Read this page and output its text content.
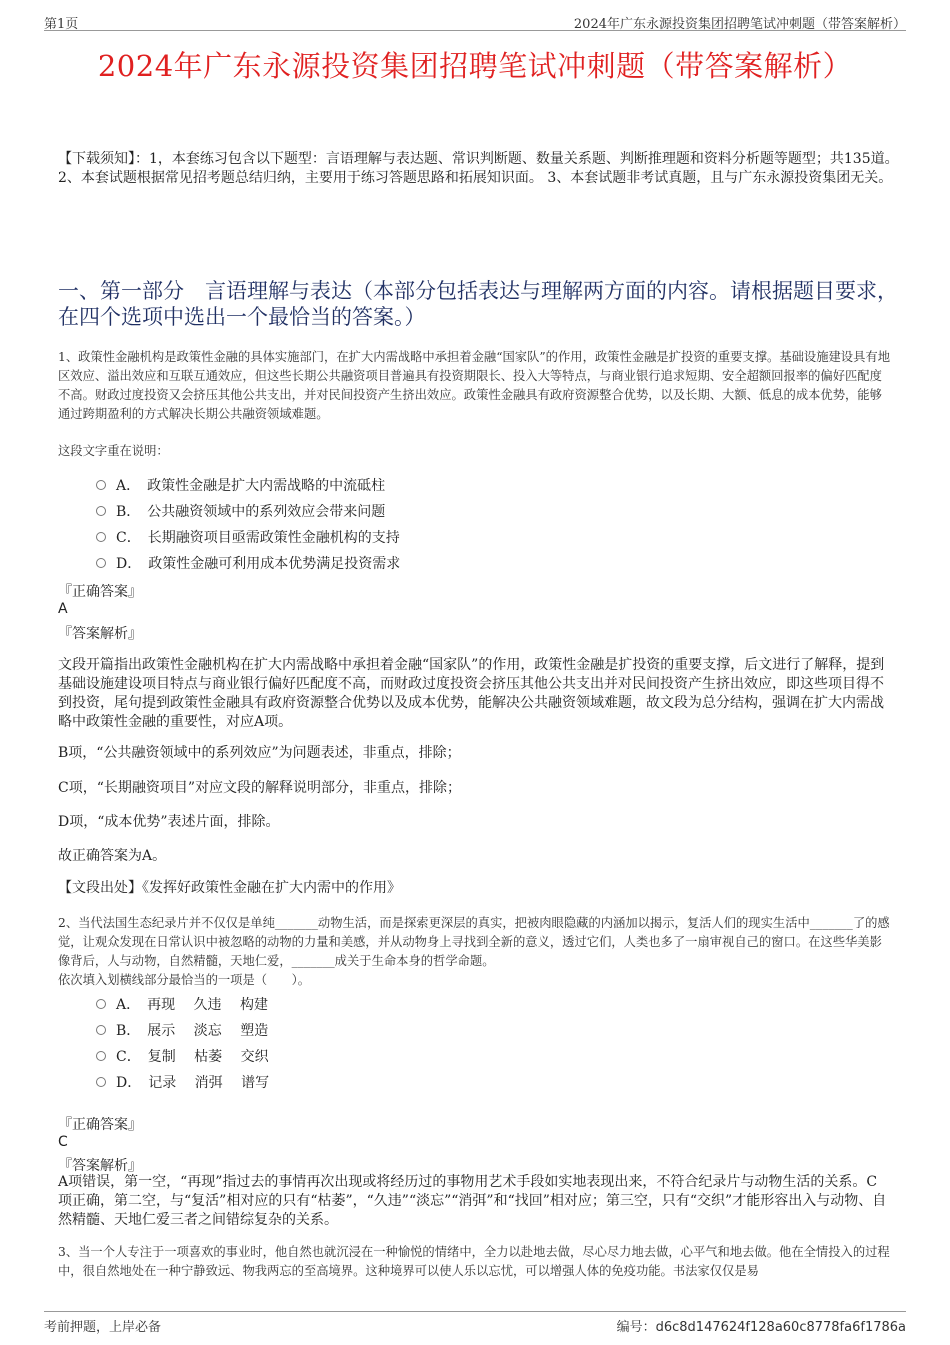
第1页	2024年广东永源投资集团招聘笔试冲刺题（带答案解析）
2024年广东永源投资集团招聘笔试冲刺题（带答案解析）
【下载须知】：1，本套练习包含以下题型：言语理解与表达题、常识判断题、数量关系题、判断推理题和资料分析题等题型；共135道。 2、本套试题根据常见招考题总结归纳，主要用于练习答题思路和拓展知识面。 3、本套试题非考试真题，且与广东永源投资集团无关。
一、第一部分　言语理解与表达（本部分包括表达与理解两方面的内容。请根据题目要求，在四个选项中选出一个最恰当的答案。）
1、政策性金融机构是政策性金融的具体实施部门，在扩大内需战略中承担着金融“国家队”的作用，政策性金融是扩投资的重要支撑。基础设施建设具有地区效应、溢出效应和互联互通效应，但这些长期公共融资项目普遍具有投资期限长、投入大等特点，与商业银行追求短期、安全超额回报率的偏好匹配度不高。财政过度投资又会挤压其他公共支出，并对民间投资产生挤出效应。政策性金融具有政府资源整合优势，以及长期、大额、低息的成本优势，能够通过跨期盈利的方式解决长期公共融资领域难题。
这段文字重在说明：
A．　政策性金融是扩大内需战略的中流砥柱
B．　公共融资领域中的系列效应会带来问题
C．　长期融资项目亟需政策性金融机构的支持
D．　政策性金融可利用成本优势满足投资需求
『正确答案』
A
『答案解析』
文段开篇指出政策性金融机构在扩大内需战略中承担着金融“国家队”的作用，政策性金融是扩投资的重要支撑，后文进行了解释，提到基础设施建设项目特点与商业银行偏好匹配度不高，而财政过度投资会挤压其他公共支出并对民间投资产生挤出效应，即这些项目得不到投资，尾句提到政策性金融具有政府资源整合优势以及成本优势，能解决公共融资领域难题，故文段为总分结构，强调在扩大内需战略中政策性金融的重要性，对应A项。
B项，“公共融资领域中的系列效应”为问题表述，非重点，排除；
C项，“长期融资项目”对应文段的解释说明部分，非重点，排除；
D项，“成本优势”表述片面，排除。
故正确答案为A。
【文段出处】《发挥好政策性金融在扩大内需中的作用》
2、当代法国生态纪录片并不仅仅是单纯_______动物生活，而是探索更深层的真实，把被肉眼隐藏的内涵加以揭示，复活人们的现实生活中_______了的感觉，让观众发现在日常认识中被忽略的动物的力量和美感，并从动物身上寻找到全新的意义，透过它们，人类也多了一扇审视自己的窗口。在这些华美影像背后，人与动物，自然精髓，天地仁爱，_______成关于生命本身的哲学命题。
依次填入划横线部分最恰当的一项是（　　）。
A．　再现　 久违　 构建
B．　展示　 淡忘　 塑造
C．　复制　 枯萎　 交织
D．　记录　 消弭　 谱写
『正确答案』
C
『答案解析』
A项错误，第一空，“再现”指过去的事情再次出现或将经历过的事物用艺术手段如实地表现出来，不符合纪录片与动物生活的关系。C项正确，第二空，与“复活”相对应的只有“枯萎”，“久违”“淡忘”“消弭”和“找回”相对应；第三空，只有“交织”才能形容出入与动物、自然精髓、天地仁爱三者之间错综复杂的关系。
3、当一个人专注于一项喜欢的事业时，他自然也就沉浸在一种愉悦的情绪中，全力以赴地去做，尽心尽力地去做，心平气和地去做。他在全情投入的过程中，很自然地处在一种宁静致远、物我两忘的至高境界。这种境界可以使人乐以忘忧，可以增强人体的免疫功能。书法家仅仅是易
考前押题，上岸必备	编号：d6c8d147624f128a60c8778fa6f1786a
